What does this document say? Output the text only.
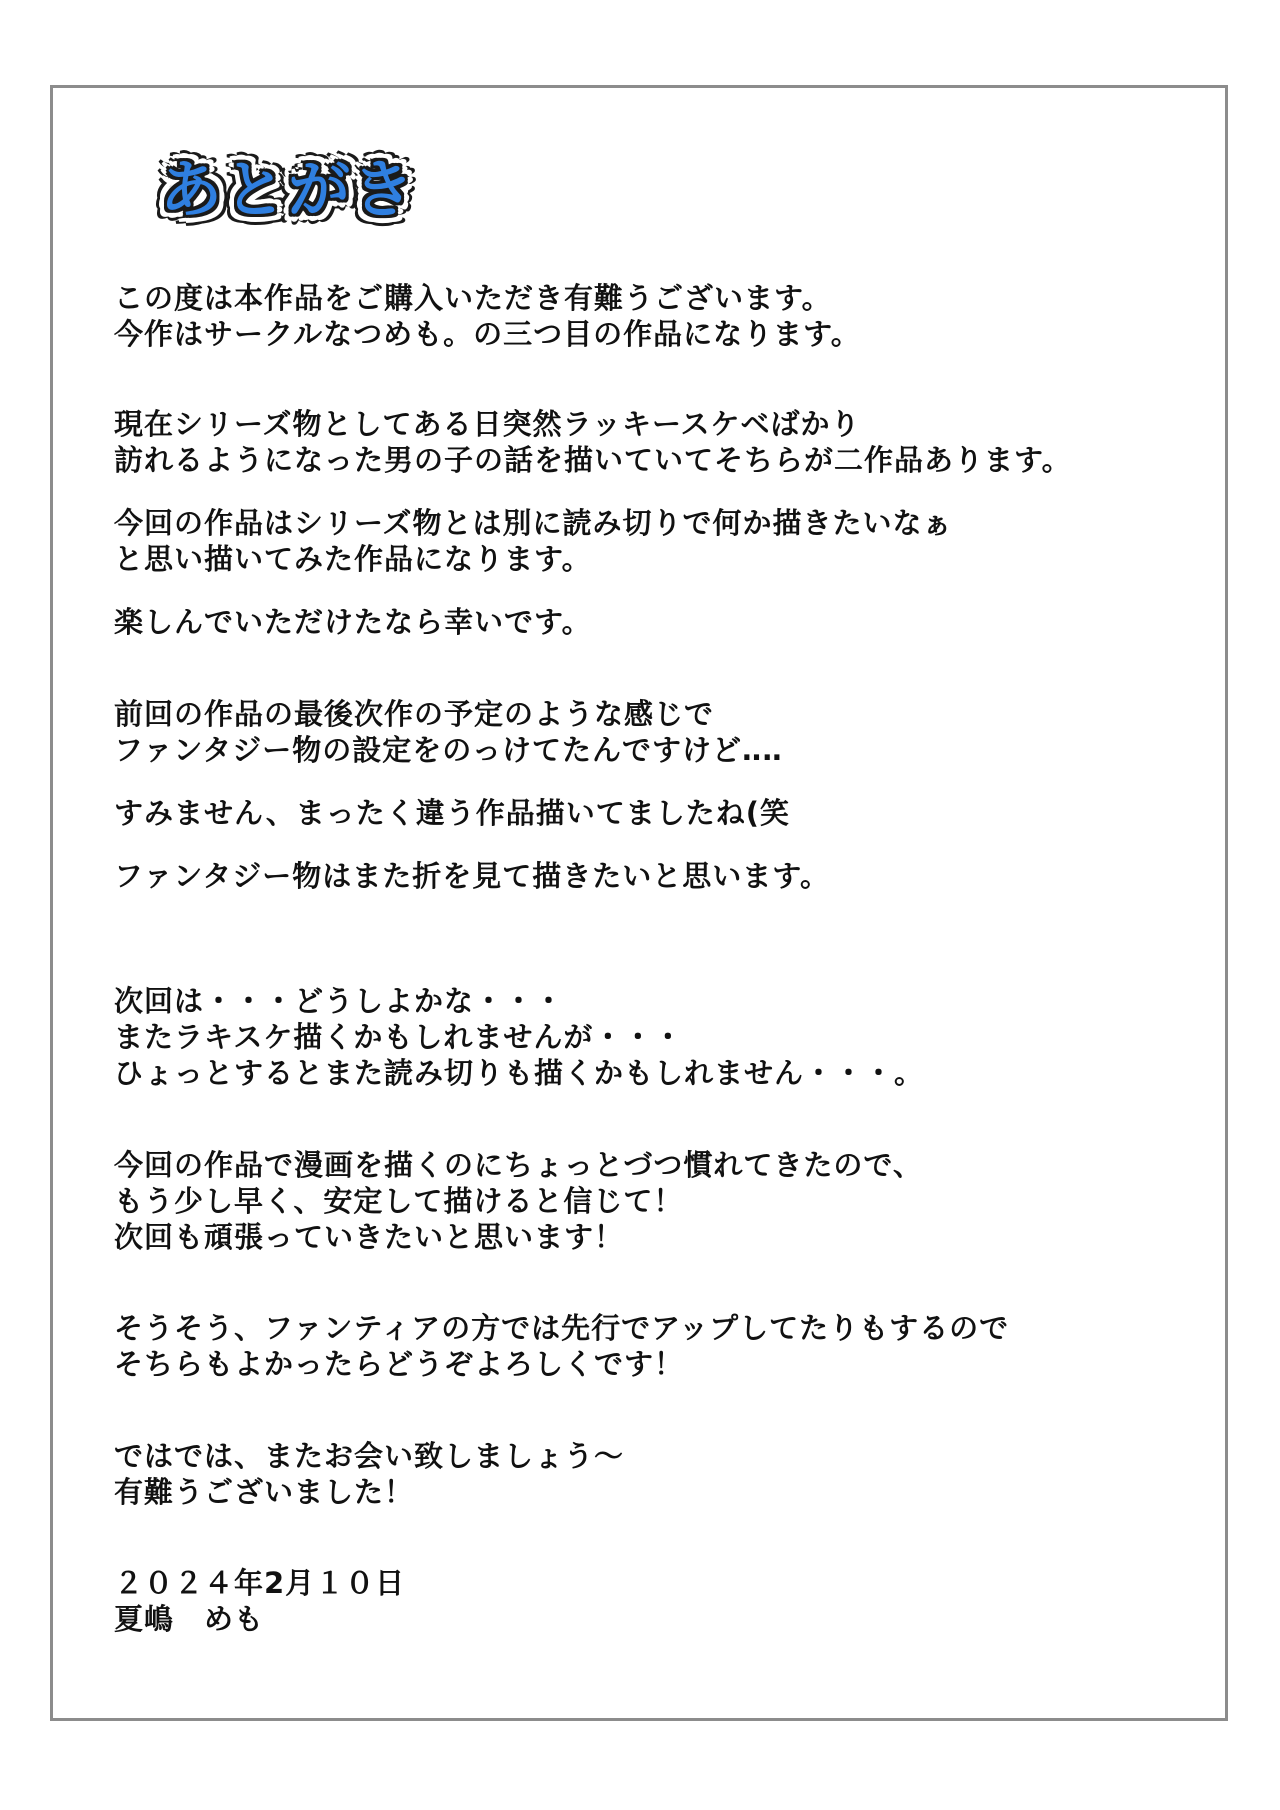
あとがき
この度は本作品をご購入いただき有難うございます。
今作はサークルなつめも。の三つ目の作品になります。
現在シリーズ物としてある日突然ラッキースケベばかり
訪れるようになった男の子の話を描いていてそちらが二作品あります。
今回の作品はシリーズ物とは別に読み切りで何か描きたいなぁ
と思い描いてみた作品になります。
楽しんでいただけたなら幸いです。
前回の作品の最後次作の予定のような感じで
ファンタジー物の設定をのっけてたんですけど‥‥
すみません、まったく違う作品描いてましたね(笑
ファンタジー物はまた折を見て描きたいと思います。
次回は・・・どうしよかな・・・
またラキスケ描くかもしれませんが・・・
ひょっとするとまた読み切りも描くかもしれません・・・。
今回の作品で漫画を描くのにちょっとづつ慣れてきたので、
もう少し早く、安定して描けると信じて！
次回も頑張っていきたいと思います！
そうそう、ファンティアの方では先行でアップしてたりもするので
そちらもよかったらどうぞよろしくです！
ではでは、またお会い致しましょう〜
有難うございました！
２０２４年2月１０日
夏嶋　めも
